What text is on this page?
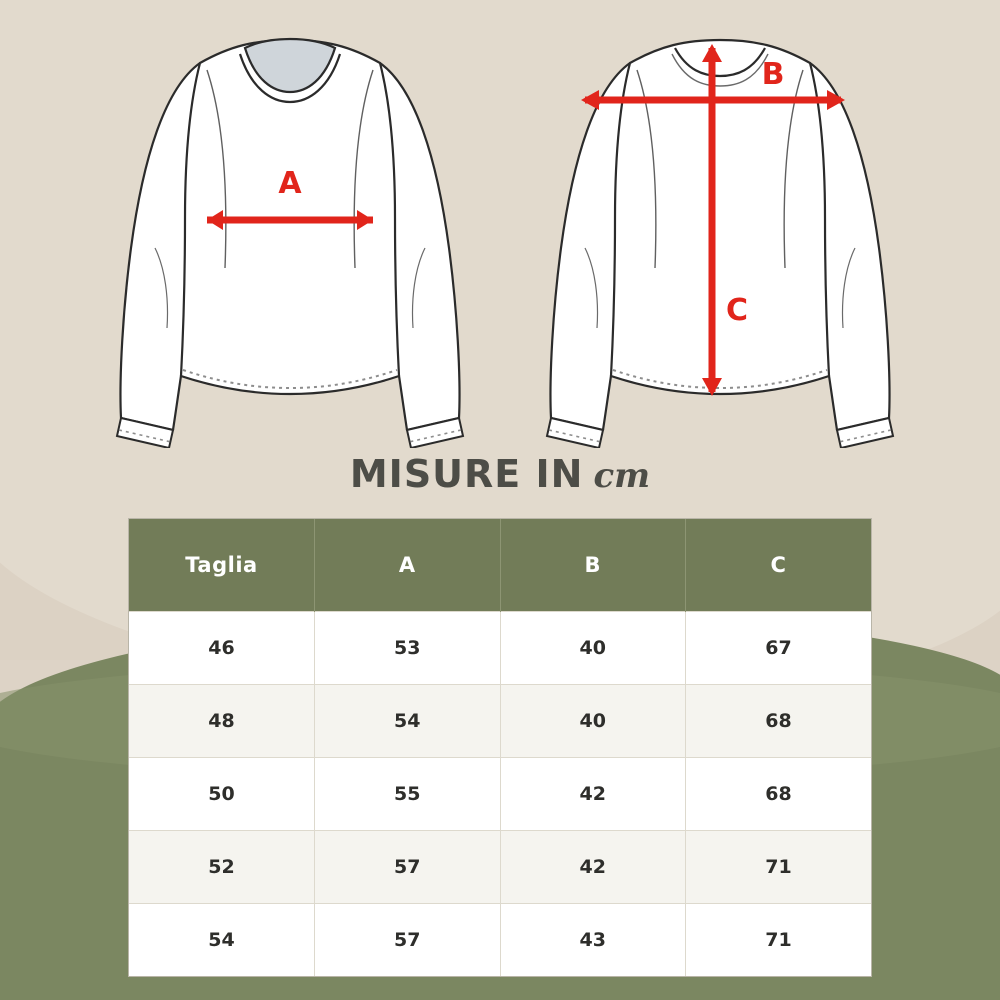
A
B
C
MISURE IN cm
Taglia	A	B	C
46	53	40	67
48	54	40	68
50	55	42	68
52	57	42	71
54	57	43	71
